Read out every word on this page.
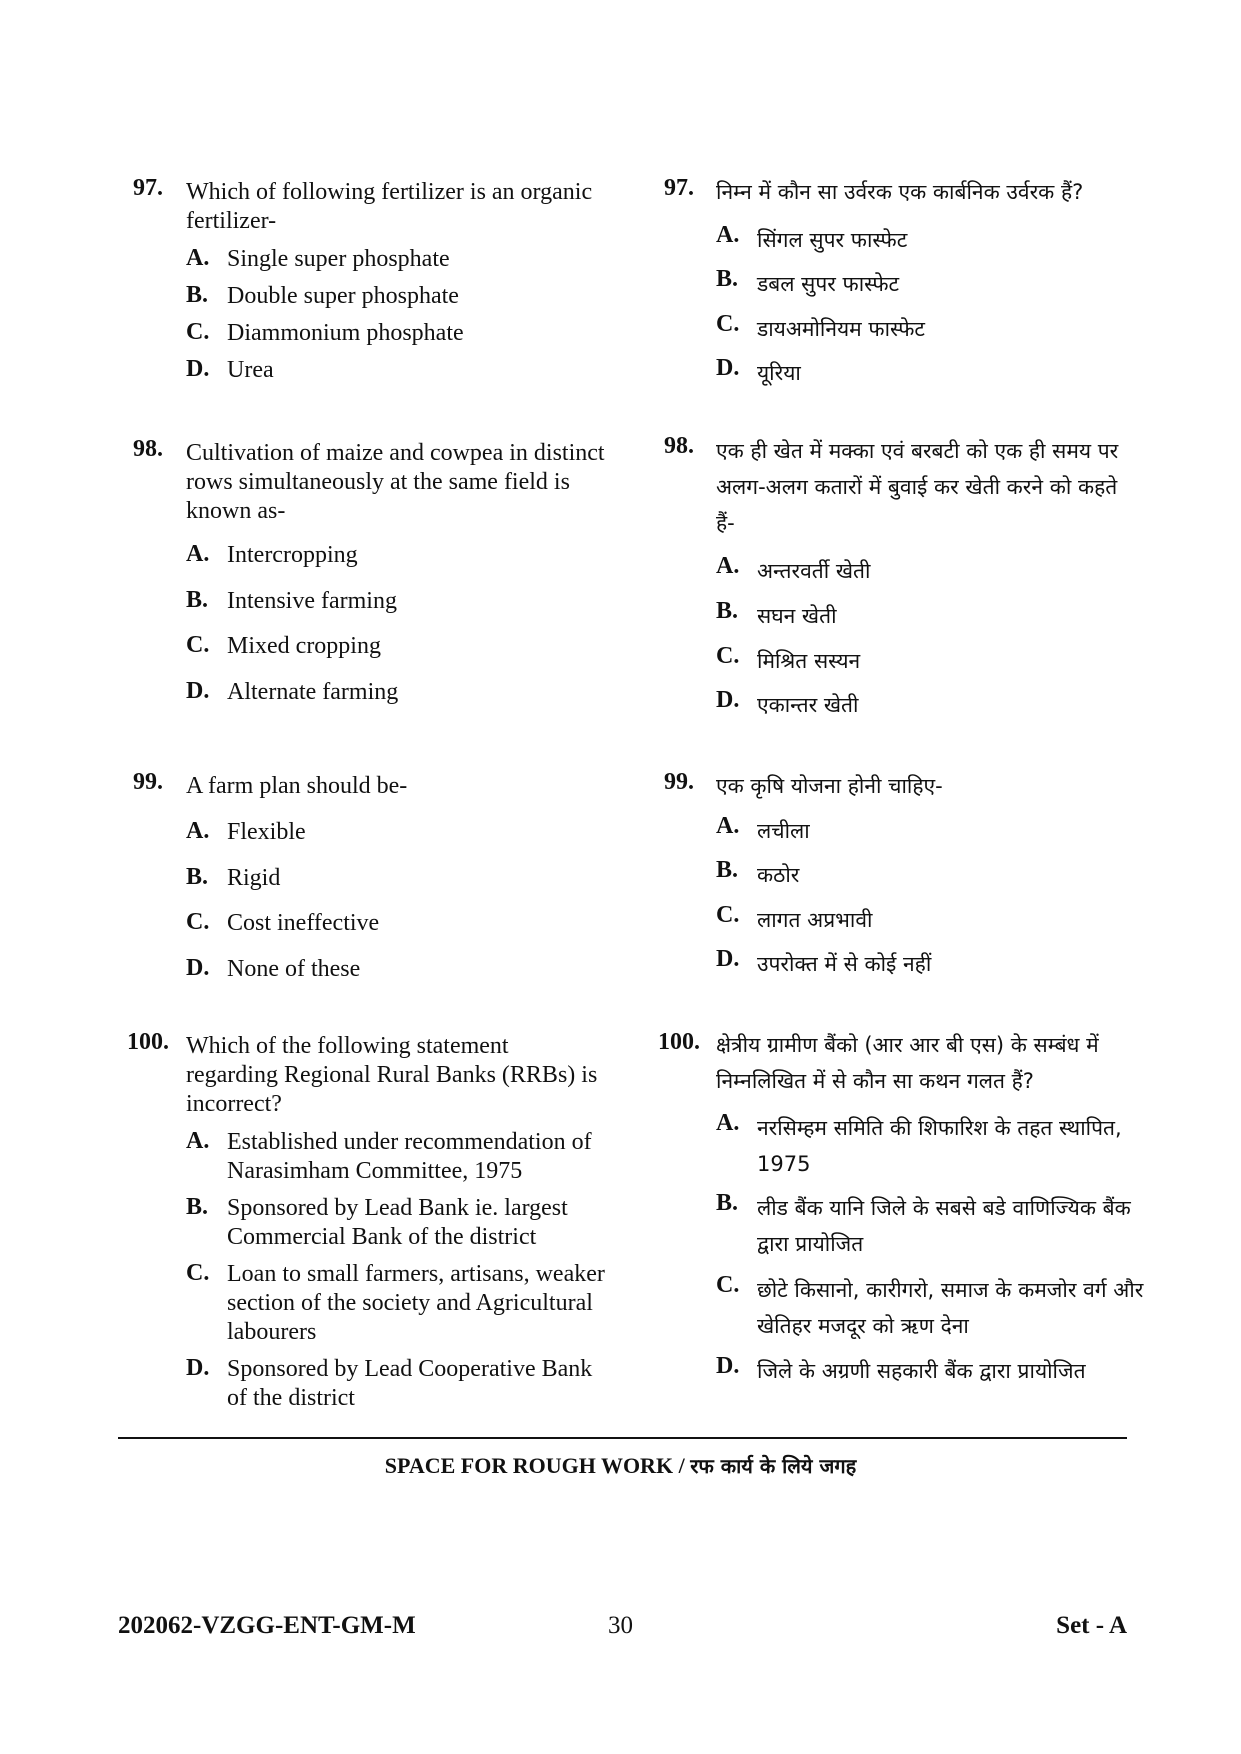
97. Which of following fertilizer is an organic fertilizer-
A. Single super phosphate
B. Double super phosphate
C. Diammonium phosphate
D. Urea
98. Cultivation of maize and cowpea in distinct rows simultaneously at the same field is known as-
A. Intercropping
B. Intensive farming
C. Mixed cropping
D. Alternate farming
99. A farm plan should be-
A. Flexible
B. Rigid
C. Cost ineffective
D. None of these
100. Which of the following statement regarding Regional Rural Banks (RRBs) is incorrect?
A. Established under recommendation of Narasimham Committee, 1975
B. Sponsored by Lead Bank ie. largest Commercial Bank of the district
C. Loan to small farmers, artisans, weaker section of the society and Agricultural labourers
D. Sponsored by Lead Cooperative Bank of the district
97. निम्न में कौन सा उर्वरक एक कार्बनिक उर्वरक हैं?
A. सिंगल सुपर फास्फेट
B. डबल सुपर फास्फेट
C. डायअमोनियम फास्फेट
D. यूरिया
98. एक ही खेत में मक्का एवं बरबटी को एक ही समय पर अलग-अलग कतारों में बुवाई कर खेती करने को कहते हैं-
A. अन्तरवर्ती खेती
B. सघन खेती
C. मिश्रित सस्यन
D. एकान्तर खेती
99. एक कृषि योजना होनी चाहिए-
A. लचीला
B. कठोर
C. लागत अप्रभावी
D. उपरोक्त में से कोई नहीं
100. क्षेत्रीय ग्रामीण बैंको (आर आर बी एस) के सम्बंध में निम्नलिखित में से कौन सा कथन गलत हैं?
A. नरसिम्हम समिति की शिफारिश के तहत स्थापित, 1975
B. लीड बैंक यानि जिले के सबसे बडे वाणिज्यिक बैंक द्वारा प्रायोजित
C. छोटे किसानो, कारीगरो, समाज के कमजोर वर्ग और खेतिहर मजदूर को ऋण देना
D. जिले के अग्रणी सहकारी बैंक द्वारा प्रायोजित
SPACE FOR ROUGH WORK / रफ कार्य के लिये जगह
202062-VZGG-ENT-GM-M	30	Set - A
